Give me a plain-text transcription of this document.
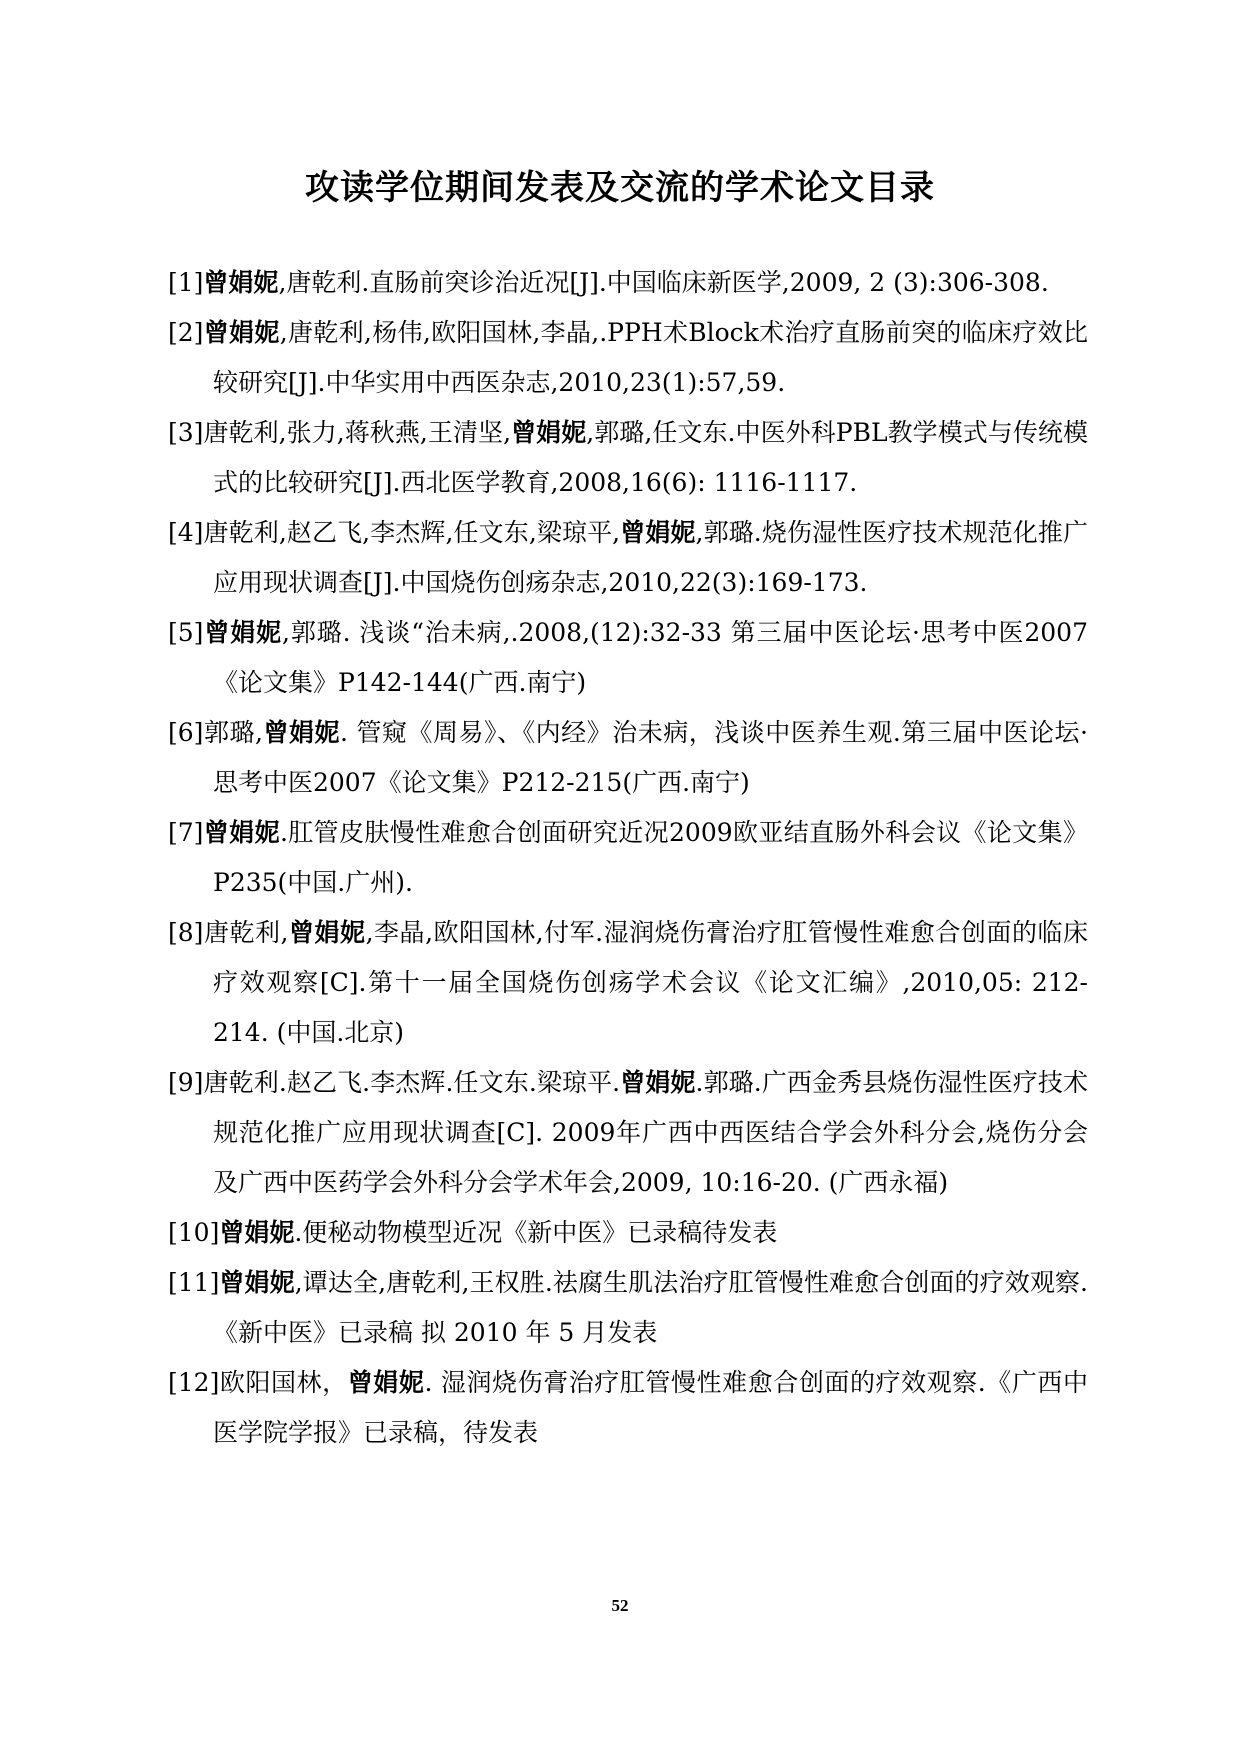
攻读学位期间发表及交流的学术论文目录
[1]曾娟妮,唐乾利.直肠前突诊治近况[J].中国临床新医学,2009, 2 (3):306-308.
[2]曾娟妮,唐乾利,杨伟,欧阳国林,李晶,.PPH术Block术治疗直肠前突的临床疗效比较研究[J].中华实用中西医杂志,2010,23(1):57,59.
[3]唐乾利,张力,蒋秋燕,王清坚,曾娟妮,郭璐,任文东.中医外科PBL教学模式与传统模式的比较研究[J].西北医学教育,2008,16(6): 1116-1117.
[4]唐乾利,赵乙飞,李杰辉,任文东,梁琼平,曾娟妮,郭璐.烧伤湿性医疗技术规范化推广应用现状调查[J].中国烧伤创疡杂志,2010,22(3):169-173.
[5]曾娟妮,郭璐. 浅谈“治未病,.2008,(12):32-33 第三届中医论坛·思考中医2007《论文集》P142-144(广西.南宁)
[6]郭璐,曾娟妮. 管窥《周易》、《内经》治未病，浅谈中医养生观.第三届中医论坛·思考中医2007《论文集》P212-215(广西.南宁)
[7]曾娟妮.肛管皮肤慢性难愈合创面研究近况2009欧亚结直肠外科会议《论文集》P235(中国.广州).
[8]唐乾利,曾娟妮,李晶,欧阳国林,付军.湿润烧伤膏治疗肛管慢性难愈合创面的临床疗效观察[C].第十一届全国烧伤创疡学术会议《论文汇编》,2010,05: 212-214. (中国.北京)
[9]唐乾利.赵乙飞.李杰辉.任文东.梁琼平.曾娟妮.郭璐.广西金秀县烧伤湿性医疗技术规范化推广应用现状调查[C]. 2009年广西中西医结合学会外科分会,烧伤分会及广西中医药学会外科分会学术年会,2009, 10:16-20. (广西永福)
[10]曾娟妮.便秘动物模型近况《新中医》已录稿待发表
[11]曾娟妮,谭达全,唐乾利,王权胜.祛腐生肌法治疗肛管慢性难愈合创面的疗效观察.《新中医》已录稿 拟 2010 年 5 月发表
[12]欧阳国林，曾娟妮. 湿润烧伤膏治疗肛管慢性难愈合创面的疗效观察.《广西中医学院学报》已录稿，待发表
52
